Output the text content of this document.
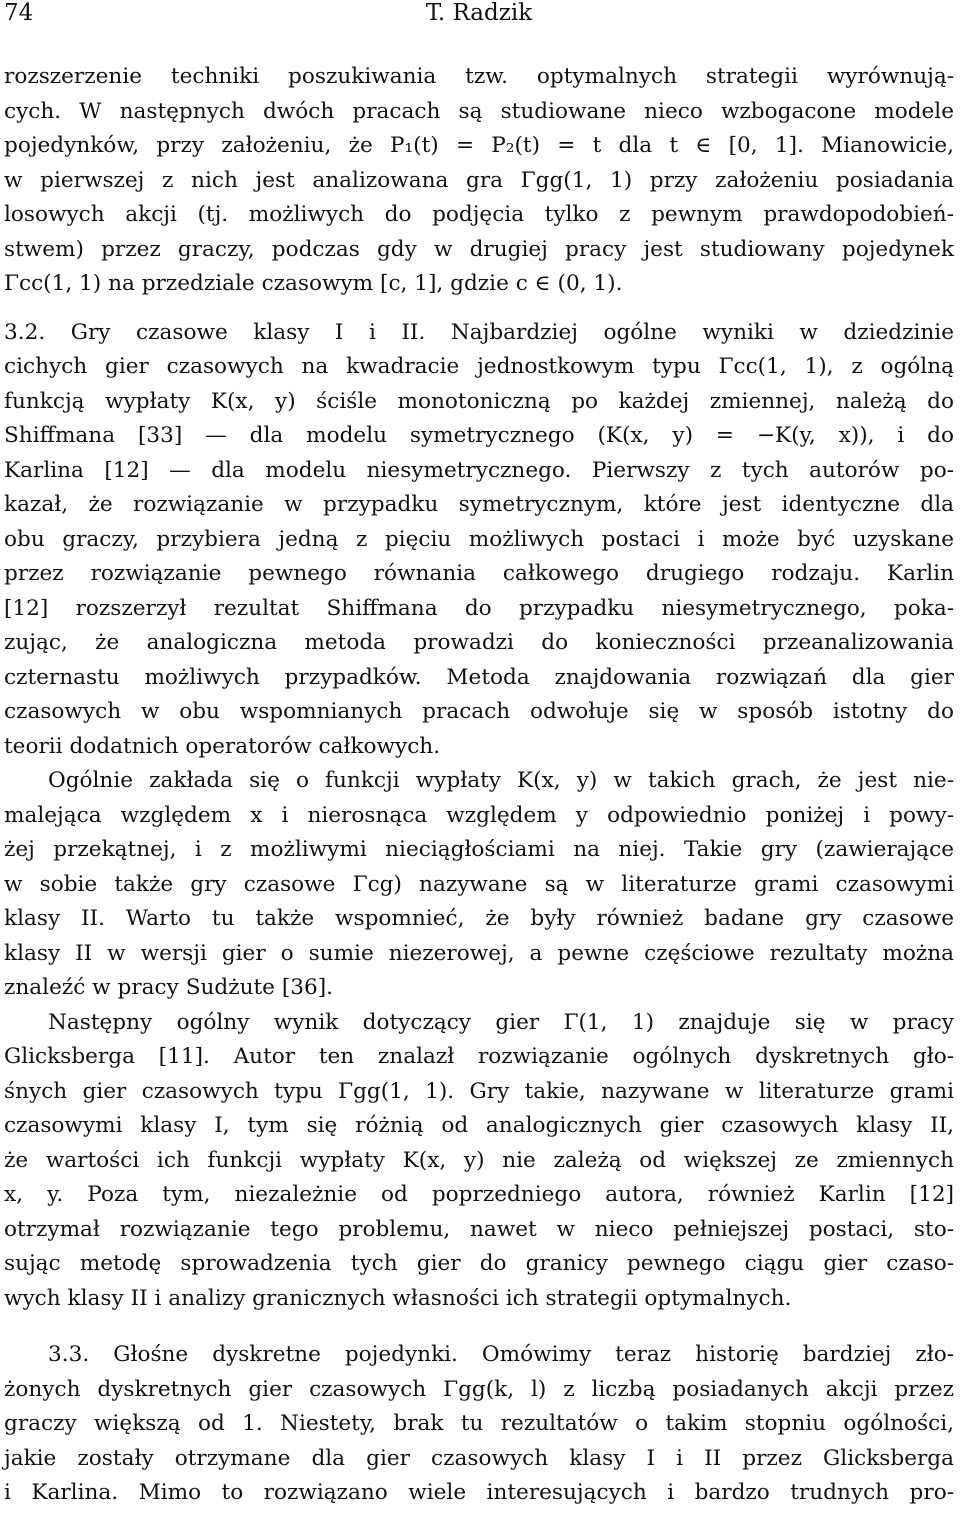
74	T. Radzik
rozszerzenie techniki poszukiwania tzw. optymalnych strategii wyrównują-
cych. W następnych dwóch pracach są studiowane nieco wzbogacone modele
pojedynków, przy założeniu, że P₁(t) = P₂(t) = t dla t ∈ [0, 1]. Mianowicie,
w pierwszej z nich jest analizowana gra Γgg(1, 1) przy założeniu posiadania
losowych akcji (tj. możliwych do podjęcia tylko z pewnym prawdopodobień-
stwem) przez graczy, podczas gdy w drugiej pracy jest studiowany pojedynek
Γcc(1, 1) na przedziale czasowym [c, 1], gdzie c ∈ (0, 1).
3.2. Gry czasowe klasy I i II. Najbardziej ogólne wyniki w dziedzinie
cichych gier czasowych na kwadracie jednostkowym typu Γcc(1, 1), z ogólną
funkcją wypłaty K(x, y) ściśle monotoniczną po każdej zmiennej, należą do
Shiffmana [33] — dla modelu symetrycznego (K(x, y) = −K(y, x)), i do
Karlina [12] — dla modelu niesymetrycznego. Pierwszy z tych autorów po-
kazał, że rozwiązanie w przypadku symetrycznym, które jest identyczne dla
obu graczy, przybiera jedną z pięciu możliwych postaci i może być uzyskane
przez rozwiązanie pewnego równania całkowego drugiego rodzaju. Karlin
[12] rozszerzył rezultat Shiffmana do przypadku niesymetrycznego, poka-
zując, że analogiczna metoda prowadzi do konieczności przeanalizowania
czternastu możliwych przypadków. Metoda znajdowania rozwiązań dla gier
czasowych w obu wspomnianych pracach odwołuje się w sposób istotny do
teorii dodatnich operatorów całkowych.
Ogólnie zakłada się o funkcji wypłaty K(x, y) w takich grach, że jest nie-
malejąca względem x i nierosnąca względem y odpowiednio poniżej i powy-
żej przekątnej, i z możliwymi nieciągłościami na niej. Takie gry (zawierające
w sobie także gry czasowe Γcg) nazywane są w literaturze grami czasowymi
klasy II. Warto tu także wspomnieć, że były również badane gry czasowe
klasy II w wersji gier o sumie niezerowej, a pewne częściowe rezultaty można
znaleźć w pracy Sudżute [36].
Następny ogólny wynik dotyczący gier Γ(1, 1) znajduje się w pracy
Glicksberga [11]. Autor ten znalazł rozwiązanie ogólnych dyskretnych gło-
śnych gier czasowych typu Γgg(1, 1). Gry takie, nazywane w literaturze grami
czasowymi klasy I, tym się różnią od analogicznych gier czasowych klasy II,
że wartości ich funkcji wypłaty K(x, y) nie zależą od większej ze zmiennych
x, y. Poza tym, niezależnie od poprzedniego autora, również Karlin [12]
otrzymał rozwiązanie tego problemu, nawet w nieco pełniejszej postaci, sto-
sując metodę sprowadzenia tych gier do granicy pewnego ciągu gier czaso-
wych klasy II i analizy granicznych własności ich strategii optymalnych.
3.3. Głośne dyskretne pojedynki. Omówimy teraz historię bardziej zło-
żonych dyskretnych gier czasowych Γgg(k, l) z liczbą posiadanych akcji przez
graczy większą od 1. Niestety, brak tu rezultatów o takim stopniu ogólności,
jakie zostały otrzymane dla gier czasowych klasy I i II przez Glicksberga
i Karlina. Mimo to rozwiązano wiele interesujących i bardzo trudnych pro-
